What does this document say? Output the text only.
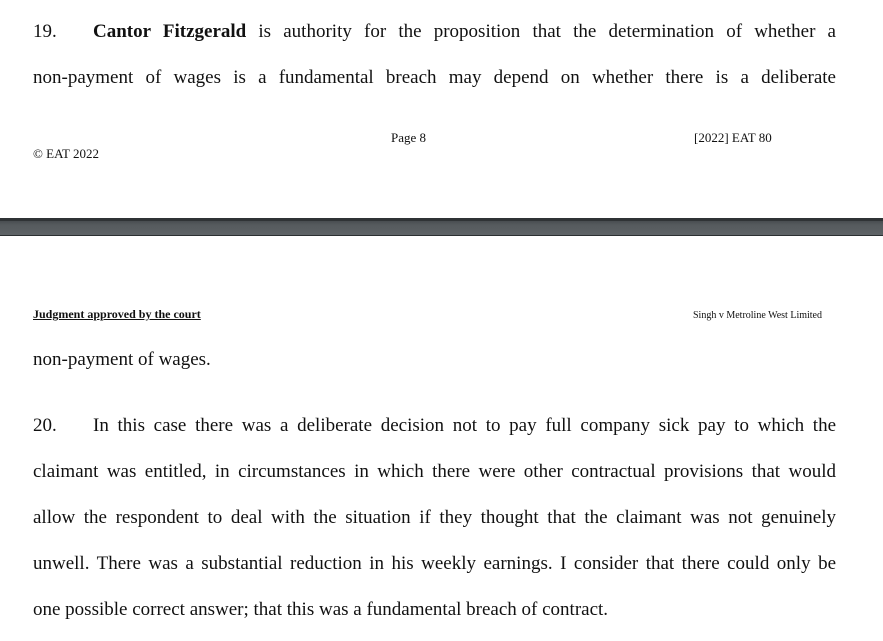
19. Cantor Fitzgerald is authority for the proposition that the determination of whether a
non-payment of wages is a fundamental breach may depend on whether there is a deliberate
Page 8	[2022] EAT 80
© EAT 2022
Judgment approved by the court	Singh v Metroline West Limited
non-payment of wages.
20. In this case there was a deliberate decision not to pay full company sick pay to which the
claimant was entitled, in circumstances in which there were other contractual provisions that would
allow the respondent to deal with the situation if they thought that the claimant was not genuinely
unwell. There was a substantial reduction in his weekly earnings. I consider that there could only be
one possible correct answer; that this was a fundamental breach of contract.
